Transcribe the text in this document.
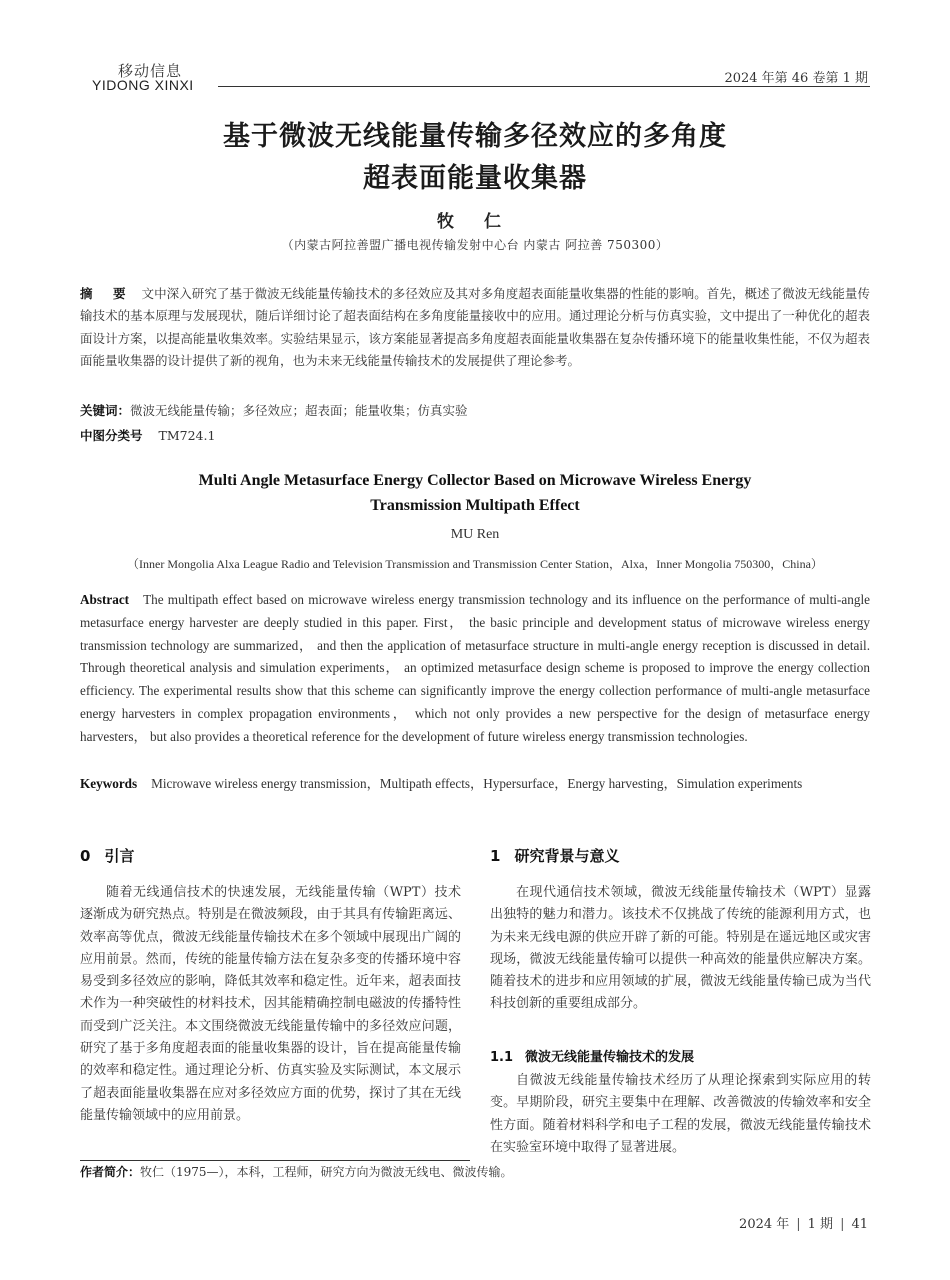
移动信息
YIDONG XINXI	2024 年第 46 卷第 1 期
基于微波无线能量传输多径效应的多角度
超表面能量收集器
牧 仁
（内蒙古阿拉善盟广播电视传输发射中心台 内蒙古 阿拉善 750300）
摘 要 文中深入研究了基于微波无线能量传输技术的多径效应及其对多角度超表面能量收集器的性能的影响。首先，概述了微波无线能量传输技术的基本原理与发展现状，随后详细讨论了超表面结构在多角度能量接收中的应用。通过理论分析与仿真实验，文中提出了一种优化的超表面设计方案，以提高能量收集效率。实验结果显示，该方案能显著提高多角度超表面能量收集器在复杂传播环境下的能量收集性能，不仅为超表面能量收集器的设计提供了新的视角，也为未来无线能量传输技术的发展提供了理论参考。
关键词：微波无线能量传输；多径效应；超表面；能量收集；仿真实验
中图分类号 TM724.1
Multi Angle Metasurface Energy Collector Based on Microwave Wireless Energy
Transmission Multipath Effect
MU Ren
（Inner Mongolia Alxa League Radio and Television Transmission and Transmission Center Station，Alxa，Inner Mongolia 750300，China）
Abstract The multipath effect based on microwave wireless energy transmission technology and its influence on the performance of multi-angle metasurface energy harvester are deeply studied in this paper. First， the basic principle and development status of microwave wireless energy transmission technology are summarized， and then the application of metasurface structure in multi-angle energy reception is discussed in detail. Through theoretical analysis and simulation experiments， an optimized metasurface design scheme is proposed to improve the energy collection efficiency. The experimental results show that this scheme can significantly improve the energy collection performance of multi-angle metasurface energy harvesters in complex propagation environments， which not only provides a new perspective for the design of metasurface energy harvesters， but also provides a theoretical reference for the development of future wireless energy transmission technologies.
Keywords Microwave wireless energy transmission，Multipath effects，Hypersurface，Energy harvesting，Simulation experiments
0 引言
随着无线通信技术的快速发展，无线能量传输（WPT）技术逐渐成为研究热点。特别是在微波频段，由于其具有传输距离远、效率高等优点，微波无线能量传输技术在多个领域中展现出广阔的应用前景。然而，传统的能量传输方法在复杂多变的传播环境中容易受到多径效应的影响，降低其效率和稳定性。近年来，超表面技术作为一种突破性的材料技术，因其能精确控制电磁波的传播特性而受到广泛关注。本文围绕微波无线能量传输中的多径效应问题，研究了基于多角度超表面的能量收集器的设计，旨在提高能量传输的效率和稳定性。通过理论分析、仿真实验及实际测试，本文展示了超表面能量收集器在应对多径效应方面的优势，探讨了其在无线能量传输领域中的应用前景。
1 研究背景与意义
在现代通信技术领域，微波无线能量传输技术（WPT）显露出独特的魅力和潜力。该技术不仅挑战了传统的能源利用方式，也为未来无线电源的供应开辟了新的可能。特别是在遥远地区或灾害现场，微波无线能量传输可以提供一种高效的能量供应解决方案。随着技术的进步和应用领域的扩展，微波无线能量传输已成为当代科技创新的重要组成部分。
1.1 微波无线能量传输技术的发展
自微波无线能量传输技术经历了从理论探索到实际应用的转变。早期阶段，研究主要集中在理解、改善微波的传输效率和安全性方面。随着材料科学和电子工程的发展，微波无线能量传输技术在实验室环境中取得了显著进展。
作者简介：牧仁（1975—），本科，工程师，研究方向为微波无线电、微波传输。
2024 年 | 1 期 | 41
